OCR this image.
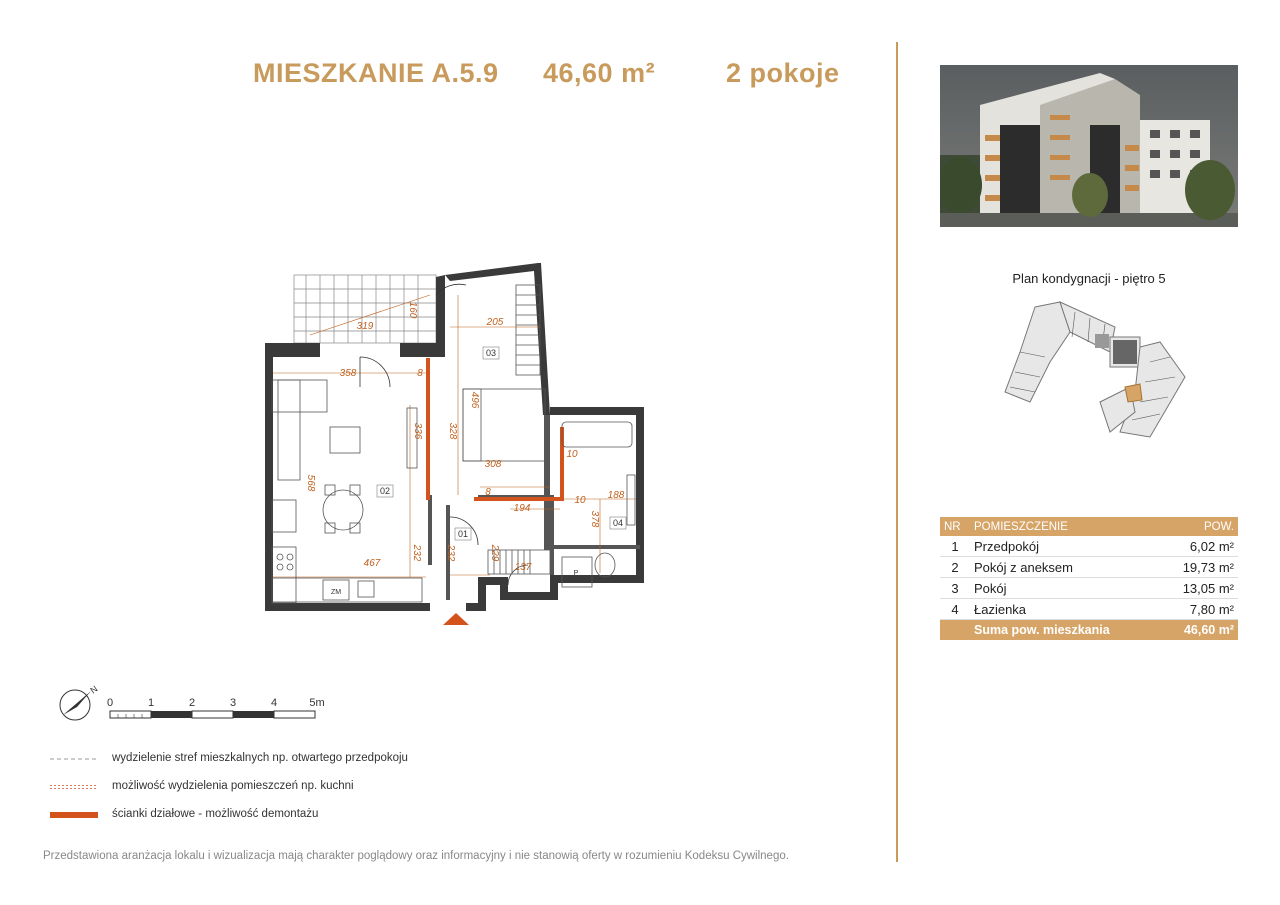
MIESZKANIE A.5.9 46,60 m²	2 pokoje
Plan kondygnacji - piętro 5
NR	POMIESZCZENIE	POW.
1	Przedpokój	6,02 m²
2	Pokój z aneksem	19,73 m²
3	Pokój	13,05 m²
4	Łazienka	7,80 m²
	Suma pow. mieszkania	46,60 m²
01
02
03
04
ZM
P
319
160
205
358	8
496
336 328
308
568
10
194
10 188
378
467
232 232	229
137
8
N
0	1	2	3	4	5m
wydzielenie stref mieszkalnych np. otwartego przedpokoju
możliwość wydzielenia pomieszczeń np. kuchni
ścianki działowe - możliwość demontażu
Przedstawiona aranżacja lokalu i wizualizacja mają charakter poglądowy oraz informacyjny i nie stanowią oferty w rozumieniu Kodeksu Cywilnego.
